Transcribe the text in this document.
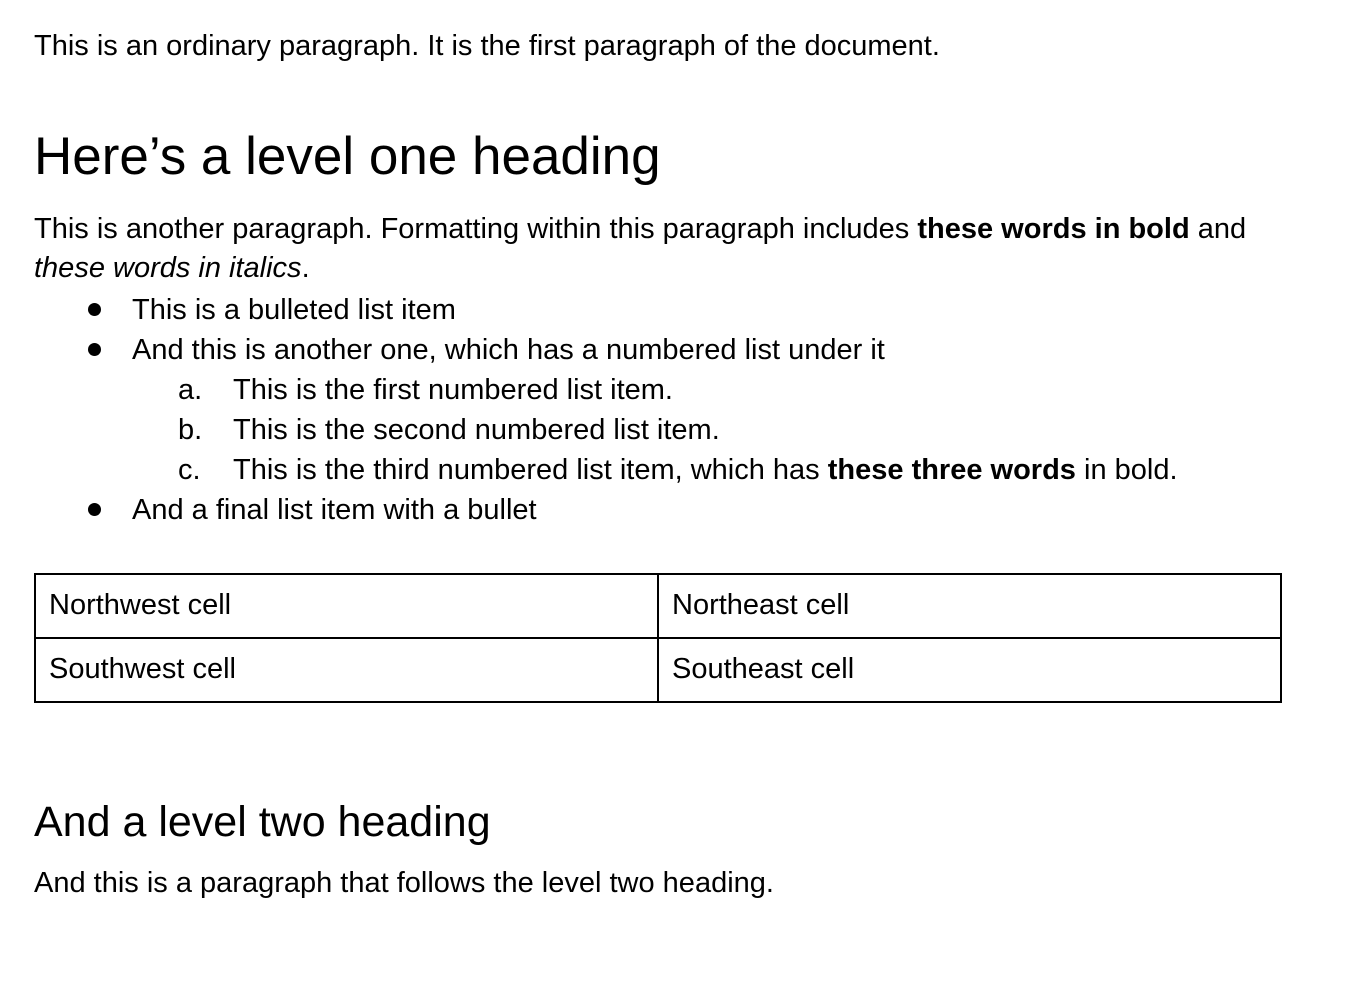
This is an ordinary paragraph. It is the first paragraph of the document.

Here’s a level one heading

This is another paragraph. Formatting within this paragraph includes these words in bold and these words in italics.

This is a bulleted list item
And this is another one, which has a numbered list under it
a.	This is the first numbered list item.
b.	This is the second numbered list item.
c.	This is the third numbered list item, which has these three words in bold.
And a final list item with a bullet
Northwest cell	Northeast cell
Southwest cell	Southeast cell
And a level two heading

And this is a paragraph that follows the level two heading.
